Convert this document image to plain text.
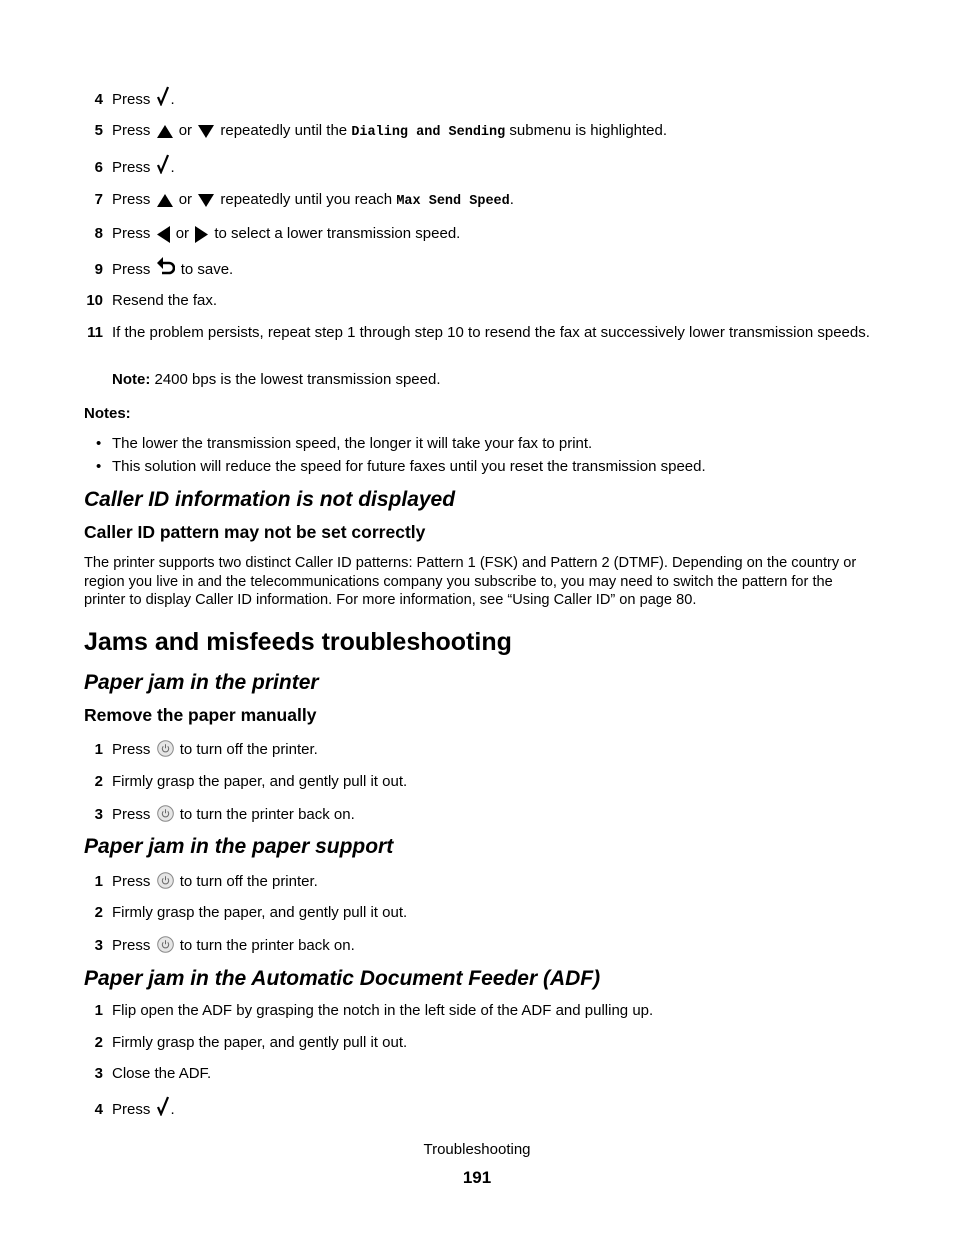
4 Press .
5 Press or repeatedly until the Dialing and Sending submenu is highlighted.
6 Press .
7 Press or repeatedly until you reach Max Send Speed.
8 Press or to select a lower transmission speed.
9 Press to save.
10 Resend the fax.
11 If the problem persists, repeat step 1 through step 10 to resend the fax at successively lower transmission speeds.
Note: 2400 bps is the lowest transmission speed.
Notes:
• The lower the transmission speed, the longer it will take your fax to print.
• This solution will reduce the speed for future faxes until you reset the transmission speed.
Caller ID information is not displayed
Caller ID pattern may not be set correctly
The printer supports two distinct Caller ID patterns: Pattern 1 (FSK) and Pattern 2 (DTMF). Depending on the country or region you live in and the telecommunications company you subscribe to, you may need to switch the pattern for the printer to display Caller ID information. For more information, see “Using Caller ID” on page 80.
Jams and misfeeds troubleshooting
Paper jam in the printer
Remove the paper manually
1 Press to turn off the printer.
2 Firmly grasp the paper, and gently pull it out.
3 Press to turn the printer back on.
Paper jam in the paper support
1 Press to turn off the printer.
2 Firmly grasp the paper, and gently pull it out.
3 Press to turn the printer back on.
Paper jam in the Automatic Document Feeder (ADF)
1 Flip open the ADF by grasping the notch in the left side of the ADF and pulling up.
2 Firmly grasp the paper, and gently pull it out.
3 Close the ADF.
4 Press .
Troubleshooting
191
